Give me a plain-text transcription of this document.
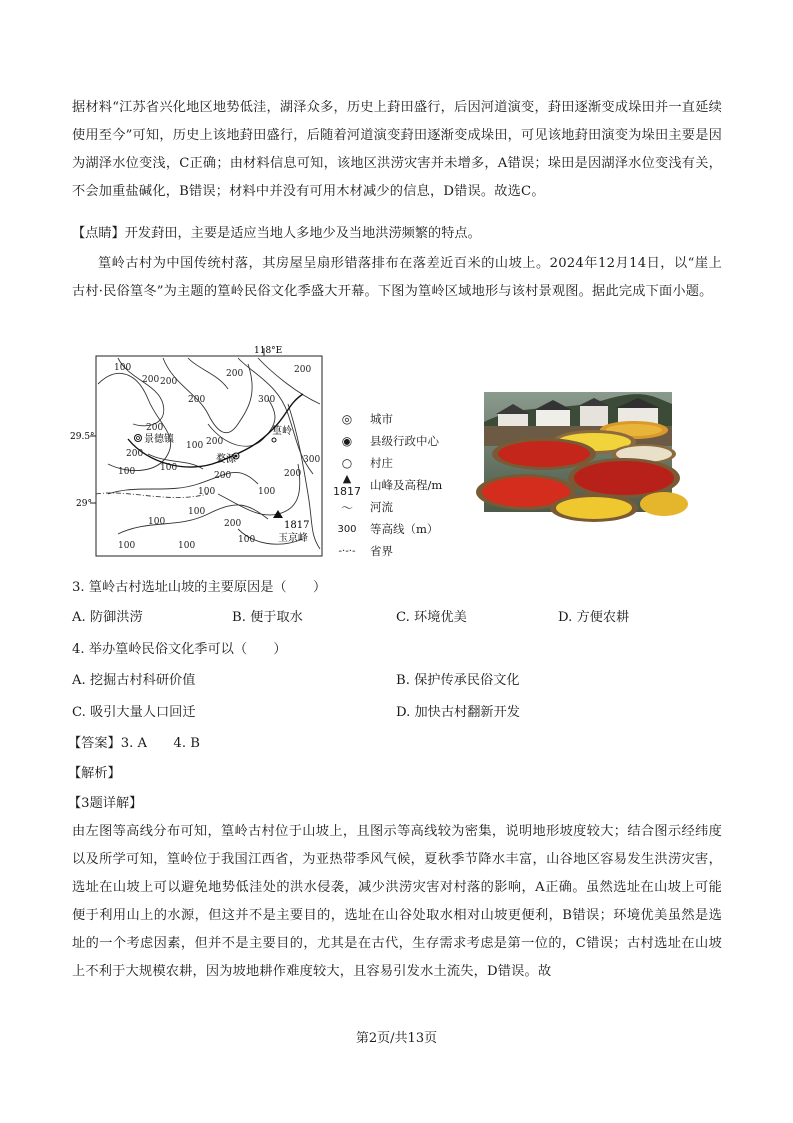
据材料“江苏省兴化地区地势低洼，湖泽众多，历史上葑田盛行，后因河道演变，葑田逐渐变成垛田并一直延续使用至今”可知，历史上该地葑田盛行，后随着河道演变葑田逐渐变成垛田，可见该地葑田演变为垛田主要是因为湖泽水位变浅，C正确；由材料信息可知，该地区洪涝灾害并未增多，A错误；垛田是因湖泽水位变浅有关，不会加重盐碱化，B错误；材料中并没有可用木材减少的信息，D错误。故选C。
【点睛】开发葑田，主要是适应当地人多地少及当地洪涝频繁的特点。
篁岭古村为中国传统村落，其房屋呈扇形错落排布在落差近百米的山坡上。2024年12月14日，以“崖上古村·民俗篁冬”为主题的篁岭民俗文化季盛大开幕。下图为篁岭区域地形与该村景观图。据此完成下面小题。
118°E
29.5°
29°
景德镇
婺源
篁岭
1817
玉京峰
100
200 200
200
200
200
200
100	100
100
100
200
300
200
300
100
200
100
100
200
100
100	100
200
◎	城市
◉	县级行政中心
○	村庄
▲ 1817 山峰及高程/m
〜	河流
300	等高线（m）
-·-·-	省界
3. 篁岭古村选址山坡的主要原因是（　　）
A. 防御洪涝	B. 便于取水	C. 环境优美	D. 方便农耕
4. 举办篁岭民俗文化季可以（　　）
A. 挖掘古村科研价值	B. 保护传承民俗文化
C. 吸引大量人口回迁	D. 加快古村翻新开发
【答案】3. A　　4. B
【解析】
【3题详解】
由左图等高线分布可知，篁岭古村位于山坡上，且图示等高线较为密集，说明地形坡度较大；结合图示经纬度以及所学可知，篁岭位于我国江西省，为亚热带季风气候，夏秋季节降水丰富，山谷地区容易发生洪涝灾害，选址在山坡上可以避免地势低洼处的洪水侵袭，减少洪涝灾害对村落的影响，A正确。虽然选址在山坡上可能便于利用山上的水源，但这并不是主要目的，选址在山谷处取水相对山坡更便利，B错误；环境优美虽然是选址的一个考虑因素，但并不是主要目的，尤其是在古代，生存需求考虑是第一位的，C错误；古村选址在山坡上不利于大规模农耕，因为坡地耕作难度较大，且容易引发水土流失，D错误。故
第2页/共13页
